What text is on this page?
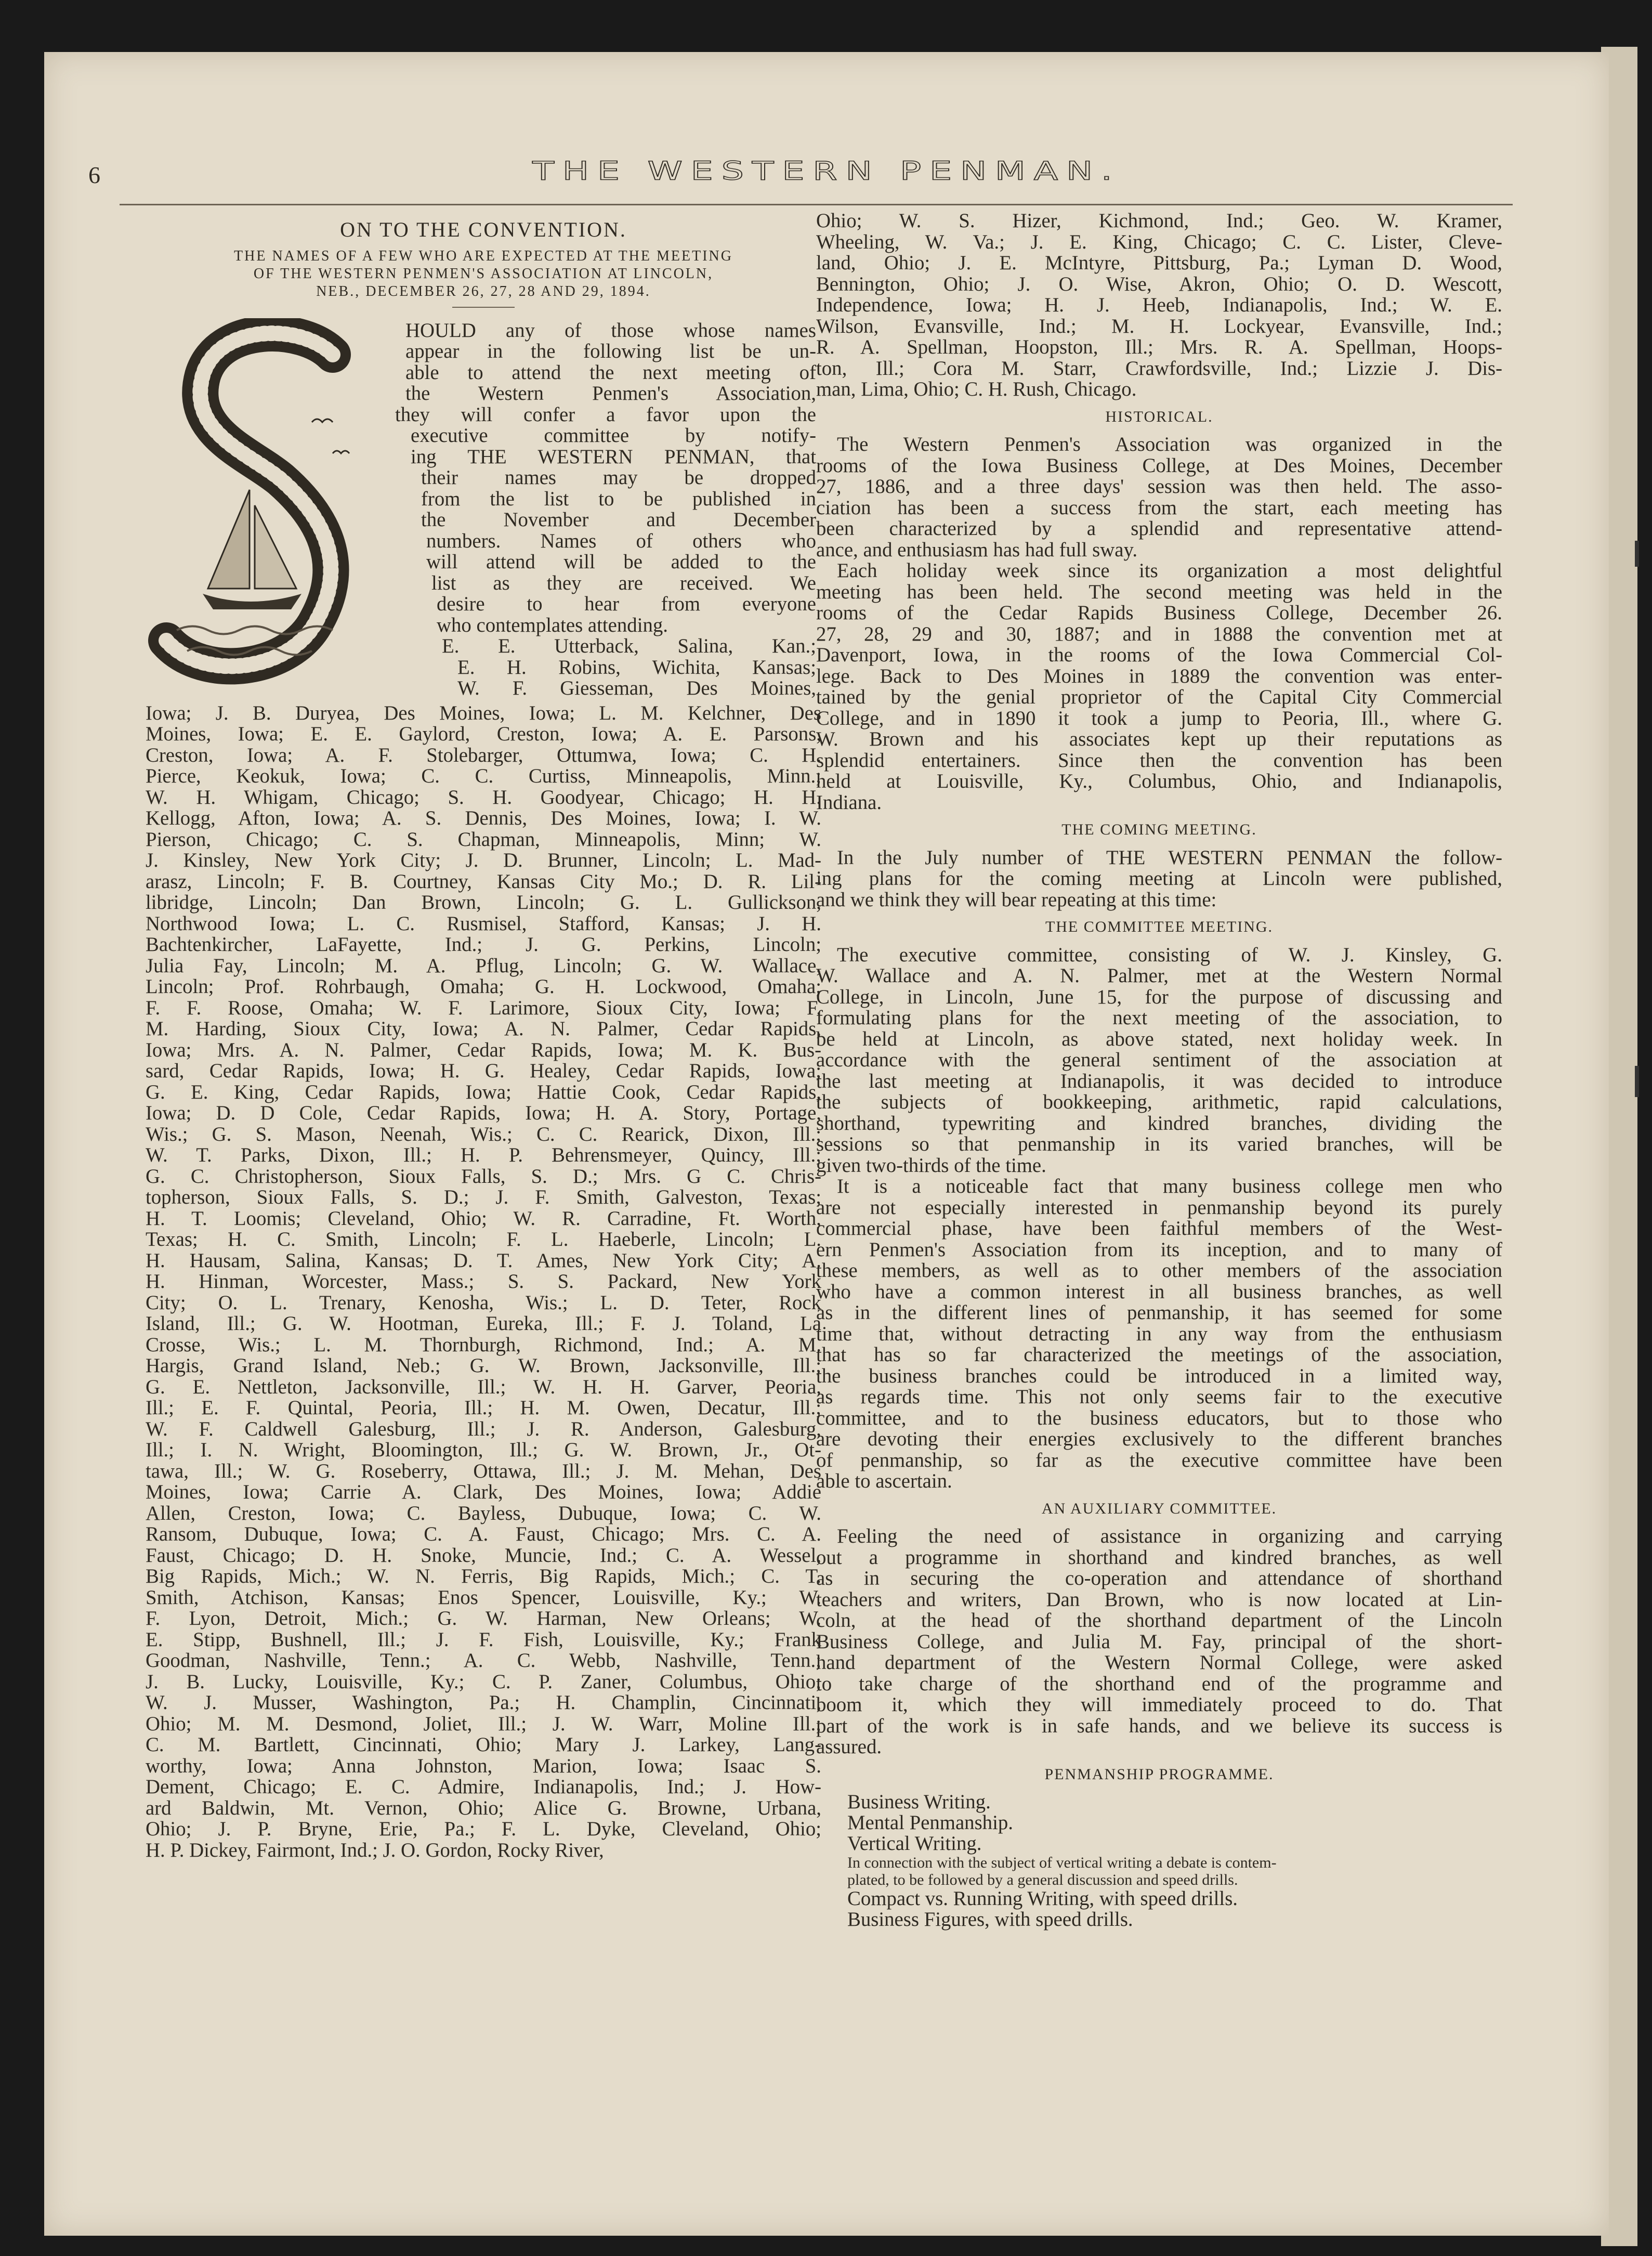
6	THE WESTERN PENMAN.
ON TO THE CONVENTION.
THE NAMES OF A FEW WHO ARE EXPECTED AT THE MEETING
OF THE WESTERN PENMEN'S ASSOCIATION AT LINCOLN,
NEB., DECEMBER 26, 27, 28 AND 29, 1894.
S
HOULD any of those whose names
appear in the following list be un-
able to attend the next meeting of
the Western Penmen's Association,
they will confer a favor upon the
executive committee by notify-
ing THE WESTERN PENMAN, that
their names may be dropped
from the list to be published in
the November and December
numbers. Names of others who
will attend will be added to the
list as they are received. We
desire to hear from everyone
who contemplates attending.
E. E. Utterback, Salina, Kan.;
E. H. Robins, Wichita, Kansas;
W. F. Giesseman, Des Moines,
Iowa; J. B. Duryea, Des Moines, Iowa; L. M. Kelchner, Des
Moines, Iowa; E. E. Gaylord, Creston, Iowa; A. E. Parsons,
Creston, Iowa; A. F. Stolebarger, Ottumwa, Iowa; C. H.
Pierce, Keokuk, Iowa; C. C. Curtiss, Minneapolis, Minn.;
W. H. Whigam, Chicago; S. H. Goodyear, Chicago; H. H.
Kellogg, Afton, Iowa; A. S. Dennis, Des Moines, Iowa; I. W.
Pierson, Chicago; C. S. Chapman, Minneapolis, Minn; W.
J. Kinsley, New York City; J. D. Brunner, Lincoln; L. Mad-
arasz, Lincoln; F. B. Courtney, Kansas City Mo.; D. R. Lil-
libridge, Lincoln; Dan Brown, Lincoln; G. L. Gullickson,
Northwood Iowa; L. C. Rusmisel, Stafford, Kansas; J. H.
Bachtenkircher, LaFayette, Ind.; J. G. Perkins, Lincoln;
Julia Fay, Lincoln; M. A. Pflug, Lincoln; G. W. Wallace,
Lincoln; Prof. Rohrbaugh, Omaha; G. H. Lockwood, Omaha;
F. F. Roose, Omaha; W. F. Larimore, Sioux City, Iowa; F.
M. Harding, Sioux City, Iowa; A. N. Palmer, Cedar Rapids,
Iowa; Mrs. A. N. Palmer, Cedar Rapids, Iowa; M. K. Bus-
sard, Cedar Rapids, Iowa; H. G. Healey, Cedar Rapids, Iowa;
G. E. King, Cedar Rapids, Iowa; Hattie Cook, Cedar Rapids,
Iowa; D. D Cole, Cedar Rapids, Iowa; H. A. Story, Portage,
Wis.; G. S. Mason, Neenah, Wis.; C. C. Rearick, Dixon, Ill.;
W. T. Parks, Dixon, Ill.; H. P. Behrensmeyer, Quincy, Ill.;
G. C. Christopherson, Sioux Falls, S. D.; Mrs. G C. Chris-
topherson, Sioux Falls, S. D.; J. F. Smith, Galveston, Texas;
H. T. Loomis; Cleveland, Ohio; W. R. Carradine, Ft. Worth,
Texas; H. C. Smith, Lincoln; F. L. Haeberle, Lincoln; L.
H. Hausam, Salina, Kansas; D. T. Ames, New York City; A.
H. Hinman, Worcester, Mass.; S. S. Packard, New York
City; O. L. Trenary, Kenosha, Wis.; L. D. Teter, Rock
Island, Ill.; G. W. Hootman, Eureka, Ill.; F. J. Toland, La
Crosse, Wis.; L. M. Thornburgh, Richmond, Ind.; A. M.
Hargis, Grand Island, Neb.; G. W. Brown, Jacksonville, Ill.;
G. E. Nettleton, Jacksonville, Ill.; W. H. H. Garver, Peoria,
Ill.; E. F. Quintal, Peoria, Ill.; H. M. Owen, Decatur, Ill.;
W. F. Caldwell Galesburg, Ill.; J. R. Anderson, Galesburg,
Ill.; I. N. Wright, Bloomington, Ill.; G. W. Brown, Jr., Ot-
tawa, Ill.; W. G. Roseberry, Ottawa, Ill.; J. M. Mehan, Des
Moines, Iowa; Carrie A. Clark, Des Moines, Iowa; Addie
Allen, Creston, Iowa; C. Bayless, Dubuque, Iowa; C. W.
Ransom, Dubuque, Iowa; C. A. Faust, Chicago; Mrs. C. A.
Faust, Chicago; D. H. Snoke, Muncie, Ind.; C. A. Wessel,
Big Rapids, Mich.; W. N. Ferris, Big Rapids, Mich.; C. T.
Smith, Atchison, Kansas; Enos Spencer, Louisville, Ky.; W.
F. Lyon, Detroit, Mich.; G. W. Harman, New Orleans; W.
E. Stipp, Bushnell, Ill.; J. F. Fish, Louisville, Ky.; Frank
Goodman, Nashville, Tenn.; A. C. Webb, Nashville, Tenn.;
J. B. Lucky, Louisville, Ky.; C. P. Zaner, Columbus, Ohio;
W. J. Musser, Washington, Pa.; H. Champlin, Cincinnati,
Ohio; M. M. Desmond, Joliet, Ill.; J. W. Warr, Moline Ill.;
C. M. Bartlett, Cincinnati, Ohio; Mary J. Larkey, Lang-
worthy, Iowa; Anna Johnston, Marion, Iowa; Isaac S.
Dement, Chicago; E. C. Admire, Indianapolis, Ind.; J. How-
ard Baldwin, Mt. Vernon, Ohio; Alice G. Browne, Urbana,
Ohio; J. P. Bryne, Erie, Pa.; F. L. Dyke, Cleveland, Ohio;
H. P. Dickey, Fairmont, Ind.; J. O. Gordon, Rocky River,
Ohio; W. S. Hizer, Kichmond, Ind.; Geo. W. Kramer,
Wheeling, W. Va.; J. E. King, Chicago; C. C. Lister, Cleve-
land, Ohio; J. E. McIntyre, Pittsburg, Pa.; Lyman D. Wood,
Bennington, Ohio; J. O. Wise, Akron, Ohio; O. D. Wescott,
Independence, Iowa; H. J. Heeb, Indianapolis, Ind.; W. E.
Wilson, Evansville, Ind.; M. H. Lockyear, Evansville, Ind.;
R. A. Spellman, Hoopston, Ill.; Mrs. R. A. Spellman, Hoops-
ton, Ill.; Cora M. Starr, Crawfordsville, Ind.; Lizzie J. Dis-
man, Lima, Ohio; C. H. Rush, Chicago.
HISTORICAL.
The Western Penmen's Association was organized in the
rooms of the Iowa Business College, at Des Moines, December
27, 1886, and a three days' session was then held. The asso-
ciation has been a success from the start, each meeting has
been characterized by a splendid and representative attend-
ance, and enthusiasm has had full sway.
Each holiday week since its organization a most delightful
meeting has been held. The second meeting was held in the
rooms of the Cedar Rapids Business College, December 26.
27, 28, 29 and 30, 1887; and in 1888 the convention met at
Davenport, Iowa, in the rooms of the Iowa Commercial Col-
lege. Back to Des Moines in 1889 the convention was enter-
tained by the genial proprietor of the Capital City Commercial
College, and in 1890 it took a jump to Peoria, Ill., where G.
W. Brown and his associates kept up their reputations as
splendid entertainers. Since then the convention has been
held at Louisville, Ky., Columbus, Ohio, and Indianapolis,
Indiana.
THE COMING MEETING.
In the July number of THE WESTERN PENMAN the follow-
ing plans for the coming meeting at Lincoln were published,
and we think they will bear repeating at this time:
THE COMMITTEE MEETING.
The executive committee, consisting of W. J. Kinsley, G.
W. Wallace and A. N. Palmer, met at the Western Normal
College, in Lincoln, June 15, for the purpose of discussing and
formulating plans for the next meeting of the association, to
be held at Lincoln, as above stated, next holiday week. In
accordance with the general sentiment of the association at
the last meeting at Indianapolis, it was decided to introduce
the subjects of bookkeeping, arithmetic, rapid calculations,
shorthand, typewriting and kindred branches, dividing the
sessions so that penmanship in its varied branches, will be
given two-thirds of the time.
It is a noticeable fact that many business college men who
are not especially interested in penmanship beyond its purely
commercial phase, have been faithful members of the West-
ern Penmen's Association from its inception, and to many of
these members, as well as to other members of the association
who have a common interest in all business branches, as well
as in the different lines of penmanship, it has seemed for some
time that, without detracting in any way from the enthusiasm
that has so far characterized the meetings of the association,
the business branches could be introduced in a limited way,
as regards time. This not only seems fair to the executive
committee, and to the business educators, but to those who
are devoting their energies exclusively to the different branches
of penmanship, so far as the executive committee have been
able to ascertain.
AN AUXILIARY COMMITTEE.
Feeling the need of assistance in organizing and carrying
out a programme in shorthand and kindred branches, as well
as in securing the co-operation and attendance of shorthand
teachers and writers, Dan Brown, who is now located at Lin-
coln, at the head of the shorthand department of the Lincoln
Business College, and Julia M. Fay, principal of the short-
hand department of the Western Normal College, were asked
to take charge of the shorthand end of the programme and
boom it, which they will immediately proceed to do. That
part of the work is in safe hands, and we believe its success is
assured.
PENMANSHIP PROGRAMME.
Business Writing.
Mental Penmanship.
Vertical Writing.
In connection with the subject of vertical writing a debate is contem-
plated, to be followed by a general discussion and speed drills.
Compact vs. Running Writing, with speed drills.
Business Figures, with speed drills.
